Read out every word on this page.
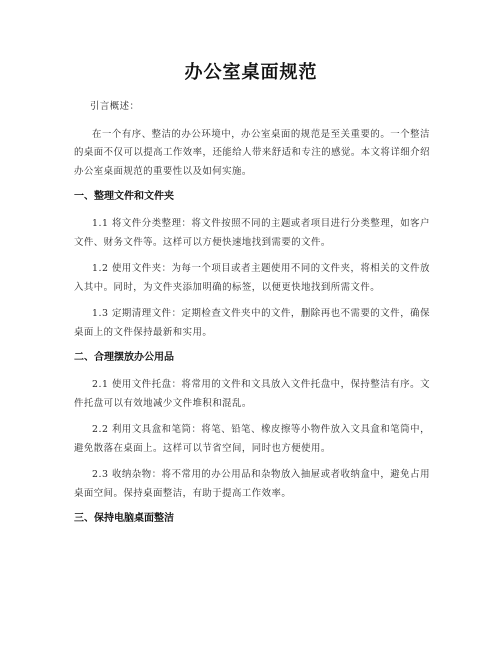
办公室桌面规范

引言概述：

在一个有序、整洁的办公环境中，办公室桌面的规范是至关重要的。一个整洁的桌面不仅可以提高工作效率，还能给人带来舒适和专注的感觉。本文将详细介绍办公室桌面规范的重要性以及如何实施。

一、整理文件和文件夹

1.1 将文件分类整理：将文件按照不同的主题或者项目进行分类整理，如客户文件、财务文件等。这样可以方便快速地找到需要的文件。

1.2 使用文件夹：为每一个项目或者主题使用不同的文件夹，将相关的文件放入其中。同时，为文件夹添加明确的标签，以便更快地找到所需文件。

1.3 定期清理文件：定期检查文件夹中的文件，删除再也不需要的文件，确保桌面上的文件保持最新和实用。

二、合理摆放办公用品

2.1 使用文件托盘：将常用的文件和文具放入文件托盘中，保持整洁有序。文件托盘可以有效地减少文件堆积和混乱。

2.2 利用文具盒和笔筒：将笔、铅笔、橡皮擦等小物件放入文具盒和笔筒中，避免散落在桌面上。这样可以节省空间，同时也方便使用。

2.3 收纳杂物：将不常用的办公用品和杂物放入抽屉或者收纳盒中，避免占用桌面空间。保持桌面整洁，有助于提高工作效率。

三、保持电脑桌面整洁
